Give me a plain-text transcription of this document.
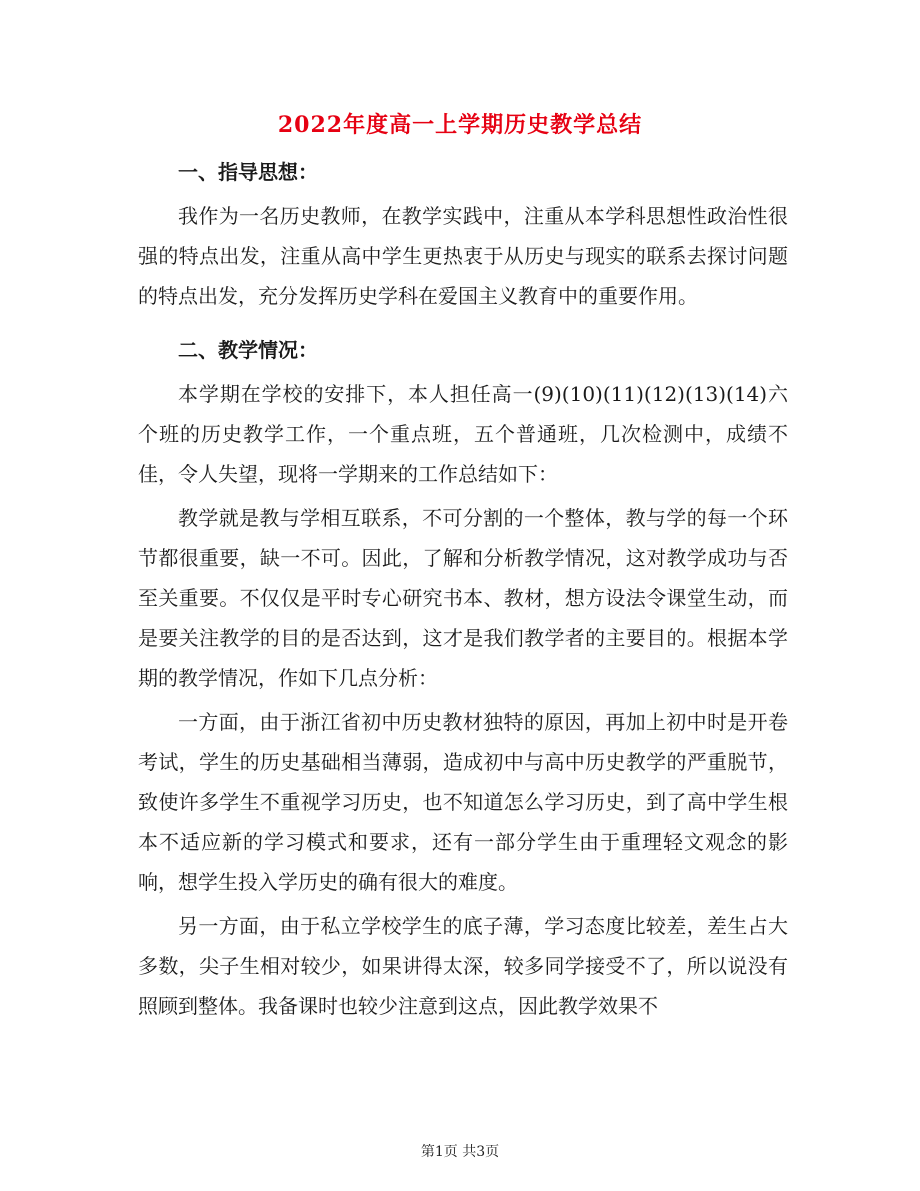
2022年度高一上学期历史教学总结

一、指导思想：

我作为一名历史教师，在教学实践中，注重从本学科思想性政治性很强的特点出发，注重从高中学生更热衷于从历史与现实的联系去探讨问题的特点出发，充分发挥历史学科在爱国主义教育中的重要作用。

二、教学情况：

本学期在学校的安排下，本人担任高一(9)(10)(11)(12)(13)(14)六个班的历史教学工作，一个重点班，五个普通班，几次检测中，成绩不佳，令人失望，现将一学期来的工作总结如下：

教学就是教与学相互联系，不可分割的一个整体，教与学的每一个环节都很重要，缺一不可。因此，了解和分析教学情况，这对教学成功与否至关重要。不仅仅是平时专心研究书本、教材，想方设法令课堂生动，而是要关注教学的目的是否达到，这才是我们教学者的主要目的。根据本学期的教学情况，作如下几点分析：

一方面，由于浙江省初中历史教材独特的原因，再加上初中时是开卷考试，学生的历史基础相当薄弱，造成初中与高中历史教学的严重脱节，致使许多学生不重视学习历史，也不知道怎么学习历史，到了高中学生根本不适应新的学习模式和要求，还有一部分学生由于重理轻文观念的影响，想学生投入学历史的确有很大的难度。

另一方面，由于私立学校学生的底子薄，学习态度比较差，差生占大多数，尖子生相对较少，如果讲得太深，较多同学接受不了，所以说没有照顾到整体。我备课时也较少注意到这点，因此教学效果不

第1页 共3页
